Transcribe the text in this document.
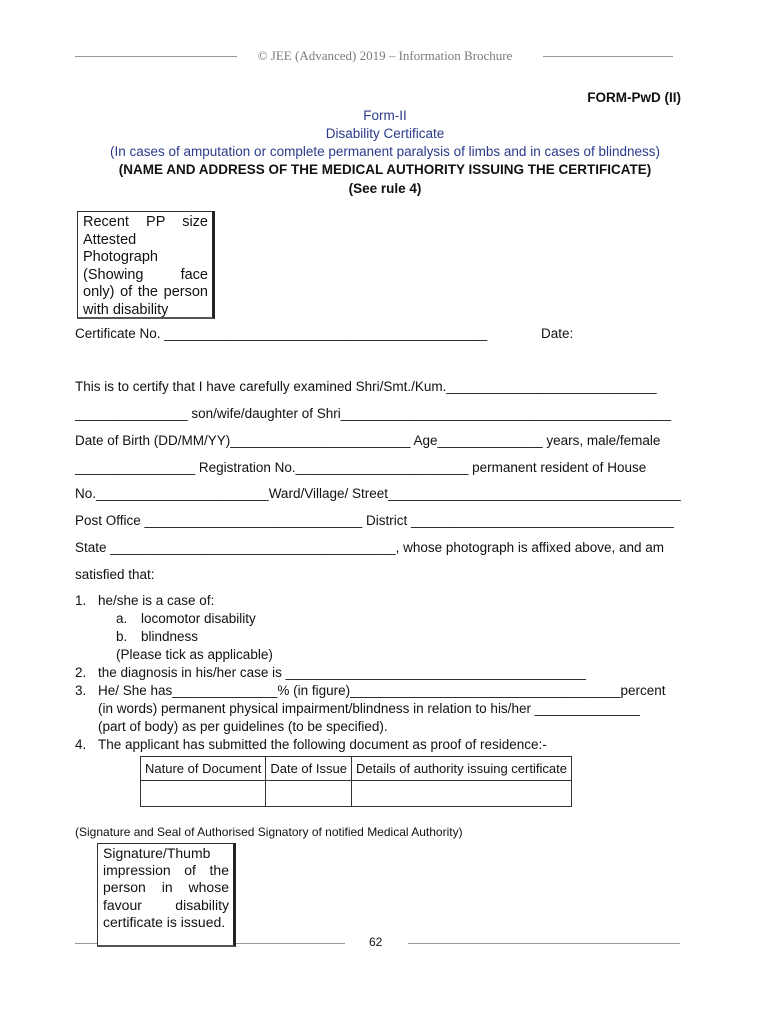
© JEE (Advanced) 2019 – Information Brochure
FORM-PwD (II)
Form-II
Disability Certificate
(In cases of amputation or complete permanent paralysis of limbs and in cases of blindness)
(NAME AND ADDRESS OF THE MEDICAL AUTHORITY ISSUING THE CERTIFICATE)
(See rule 4)
Recent PP size Attested Photograph (Showing face only) of the person with disability
Certificate No. ___________________________________________	Date:
This is to certify that I have carefully examined Shri/Smt./Kum.____________________________
_______________ son/wife/daughter of Shri____________________________________________
Date of Birth (DD/MM/YY)________________________ Age______________ years, male/female
________________ Registration No._______________________ permanent resident of House
No._______________________Ward/Village/ Street_______________________________________
Post Office _____________________________ District ___________________________________
State ______________________________________, whose photograph is affixed above, and am
satisfied that:
1. he/she is a case of:
a. locomotor disability
b. blindness
(Please tick as applicable)
2. the diagnosis in his/her case is ________________________________________
3. He/ She has______________% (in figure)____________________________________percent
(in words) permanent physical impairment/blindness in relation to his/her ______________
(part of body) as per guidelines (to be specified).
4. The applicant has submitted the following document as proof of residence:-
Nature of Document	Date of Issue	Details of authority issuing certificate

(Signature and Seal of Authorised Signatory of notified Medical Authority)
Signature/Thumb impression of the person in whose favour disability certificate is issued.
62
